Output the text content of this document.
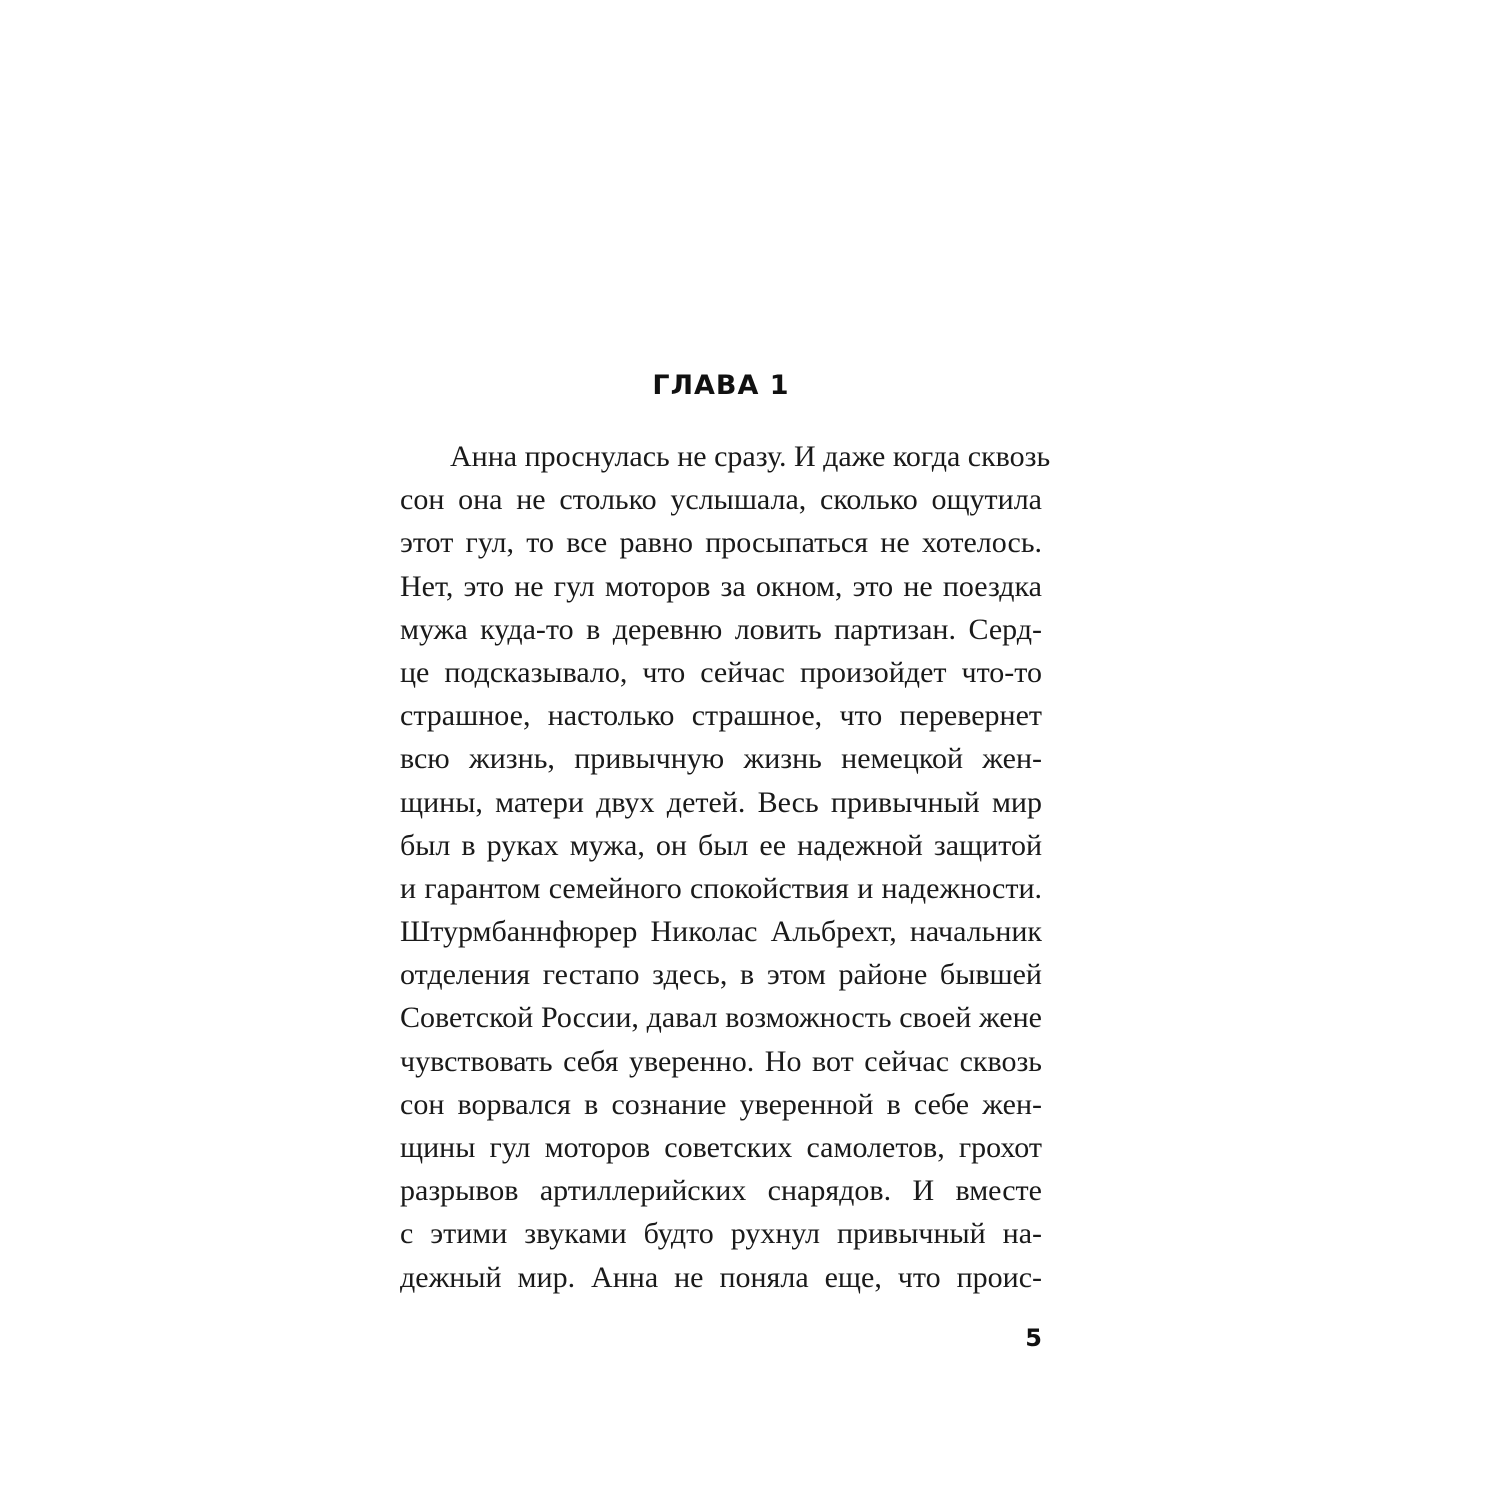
ГЛАВА 1
Анна проснулась не сразу. И даже когда сквозь
сон она не столько услышала, сколько ощутила
этот гул, то все равно просыпаться не хотелось.
Нет, это не гул моторов за окном, это не поездка
мужа куда-то в деревню ловить партизан. Серд-
це подсказывало, что сейчас произойдет что-то
страшное, настолько страшное, что перевернет
всю жизнь, привычную жизнь немецкой жен-
щины, матери двух детей. Весь привычный мир
был в руках мужа, он был ее надежной защитой
и гарантом семейного спокойствия и надежности.
Штурмбаннфюрер Николас Альбрехт, начальник
отделения гестапо здесь, в этом районе бывшей
Советской России, давал возможность своей жене
чувствовать себя уверенно. Но вот сейчас сквозь
сон ворвался в сознание уверенной в себе жен-
щины гул моторов советских самолетов, грохот
разрывов артиллерийских снарядов. И вместе
с этими звуками будто рухнул привычный на-
дежный мир. Анна не поняла еще, что проис-
5
